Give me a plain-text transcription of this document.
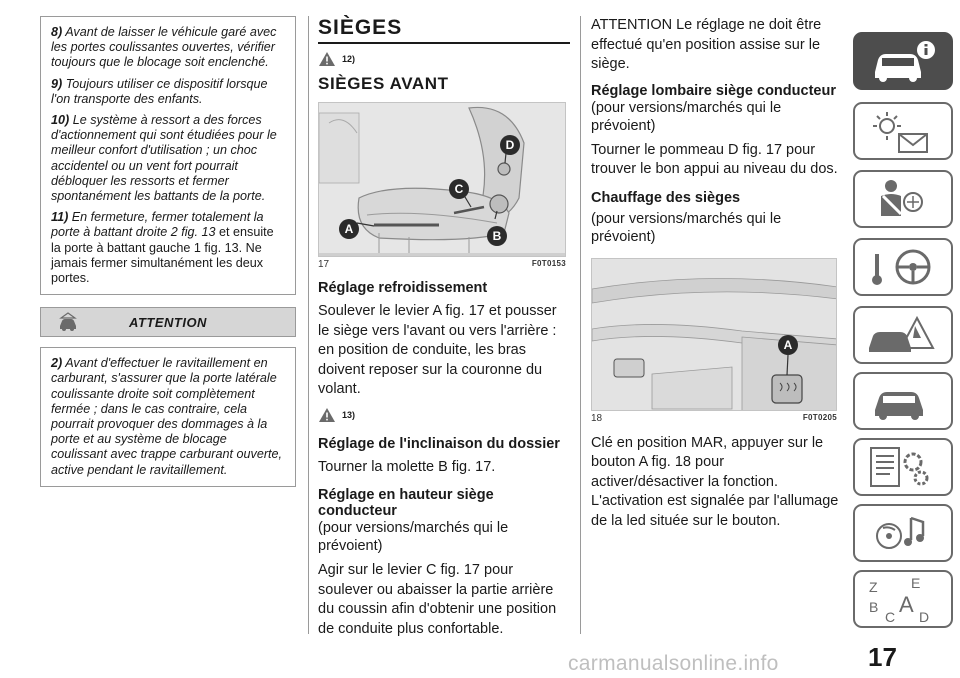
8) Avant de laisser le véhicule garé avec les portes coulissantes ouvertes, vérifier toujours que le blocage soit enclenché.

9) Toujours utiliser ce dispositif lorsque l'on transporte des enfants.

10) Le système à ressort a des forces d'actionnement qui sont étudiées pour le meilleur confort d'utilisation ; un choc accidentel ou un vent fort pourrait débloquer les ressorts et fermer spontanément les battants de la porte.

11) En fermeture, fermer totalement la porte à battant droite 2 fig. 13 et ensuite la porte à battant gauche 1 fig. 13. Ne jamais fermer simultanément les deux portes.

ATTENTION

2) Avant d'effectuer le ravitaillement en carburant, s'assurer que la porte latérale coulissante droite soit complètement fermée ; dans le cas contraire, cela pourrait provoquer des dommages à la porte et au système de blocage coulissant avec trappe carburant ouverte, active pendant le ravitaillement.

SIÈGES
12)
SIÈGES AVANT
A	B
C
D
17	F0T0153
Réglage refroidissement

Soulever le levier A fig. 17 et pousser le siège vers l'avant ou vers l'arrière : en position de conduite, les bras doivent reposer sur la couronne du volant.

13)
Réglage de l'inclinaison du dossier

Tourner la molette B fig. 17.

Réglage en hauteur siège conducteur
(pour versions/marchés qui le prévoient)

Agir sur le levier C fig. 17 pour soulever ou abaisser la partie arrière du coussin afin d'obtenir une position de conduite plus confortable.

ATTENTION Le réglage ne doit être effectué qu'en position assise sur le siège.

Réglage lombaire siège conducteur
(pour versions/marchés qui le prévoient)

Tourner le pommeau D fig. 17 pour trouver le bon appui au niveau du dos.

Chauffage des sièges
(pour versions/marchés qui le prévoient)
A
18	F0T0205

Clé en position MAR, appuyer sur le bouton A fig. 18 pour activer/désactiver la fonction.

L'activation est signalée par l'allumage de la led située sur le bouton.

Z E
B A
C D
17
carmanualsonline.info
